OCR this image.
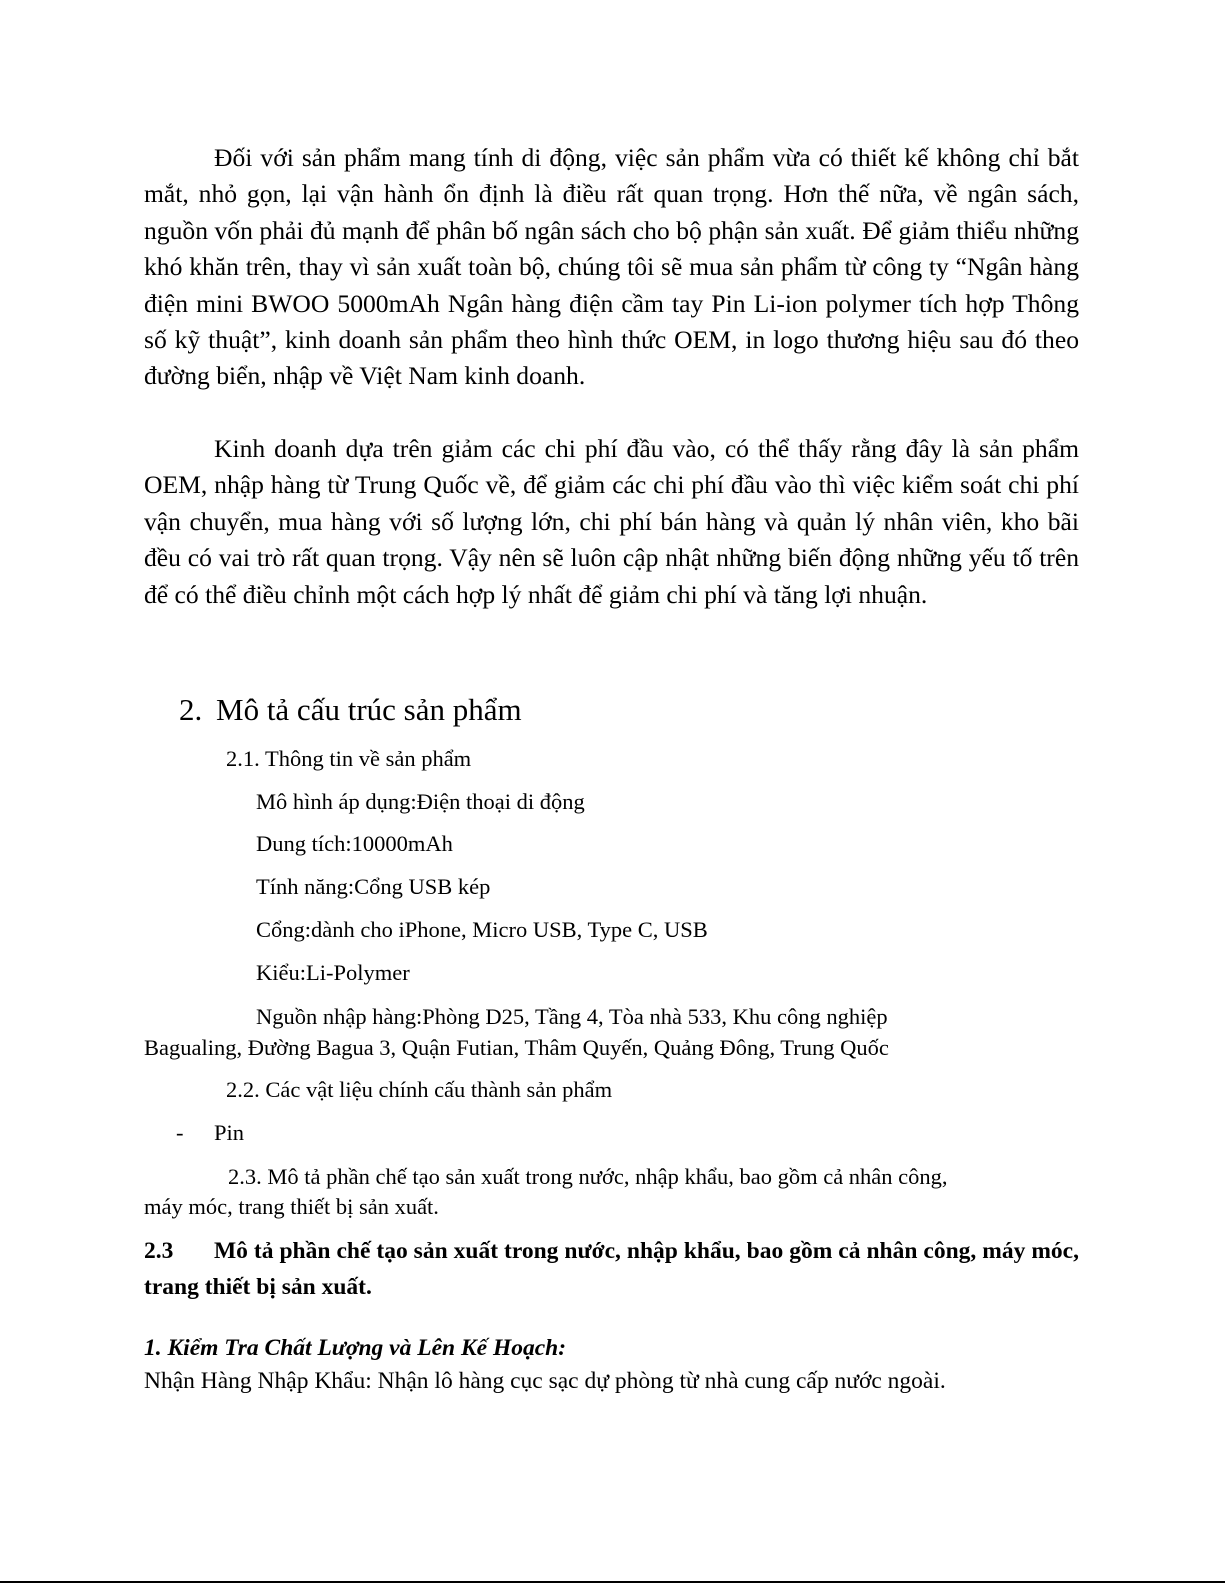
Đối với sản phẩm mang tính di động, việc sản phẩm vừa có thiết kế không chỉ bắt mắt, nhỏ gọn, lại vận hành ổn định là điều rất quan trọng. Hơn thế nữa, về ngân sách, nguồn vốn phải đủ mạnh để phân bố ngân sách cho bộ phận sản xuất. Để giảm thiểu những khó khăn trên, thay vì sản xuất toàn bộ, chúng tôi sẽ mua sản phẩm từ công ty “Ngân hàng điện mini BWOO 5000mAh Ngân hàng điện cầm tay Pin Li-ion polymer tích hợp Thông số kỹ thuật”, kinh doanh sản phẩm theo hình thức OEM, in logo thương hiệu sau đó theo đường biển, nhập về Việt Nam kinh doanh.

Kinh doanh dựa trên giảm các chi phí đầu vào, có thể thấy rằng đây là sản phẩm OEM, nhập hàng từ Trung Quốc về, để giảm các chi phí đầu vào thì việc kiểm soát chi phí vận chuyển, mua hàng với số lượng lớn, chi phí bán hàng và quản lý nhân viên, kho bãi đều có vai trò rất quan trọng. Vậy nên sẽ luôn cập nhật những biến động những yếu tố trên để có thể điều chỉnh một cách hợp lý nhất để giảm chi phí và tăng lợi nhuận.

2. Mô tả cấu trúc sản phẩm

2.1. Thông tin về sản phẩm

Mô hình áp dụng:Điện thoại di động

Dung tích:10000mAh

Tính năng:Cổng USB kép

Cổng:dành cho iPhone, Micro USB, Type C, USB

Kiểu:Li-Polymer

Nguồn nhập hàng:Phòng D25, Tầng 4, Tòa nhà 533, Khu công nghiệp

Bagualing, Đường Bagua 3, Quận Futian, Thâm Quyến, Quảng Đông, Trung Quốc

2.2. Các vật liệu chính cấu thành sản phẩm

- Pin

2.3. Mô tả phần chế tạo sản xuất trong nước, nhập khẩu, bao gồm cả nhân công,

máy móc, trang thiết bị sản xuất.

2.3 Mô tả phần chế tạo sản xuất trong nước, nhập khẩu, bao gồm cả nhân công, máy móc, trang thiết bị sản xuất.

1. Kiểm Tra Chất Lượng và Lên Kế Hoạch:

Nhận Hàng Nhập Khẩu: Nhận lô hàng cục sạc dự phòng từ nhà cung cấp nước ngoài.
